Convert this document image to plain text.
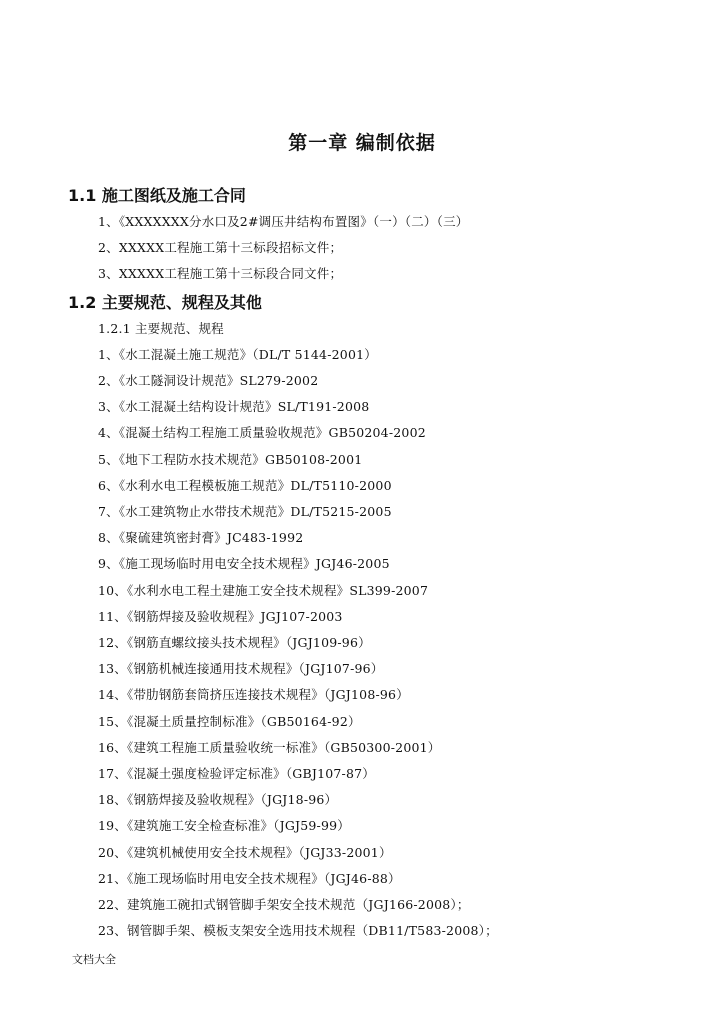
第一章 编制依据
1.1 施工图纸及施工合同
1、《XXXXXXX分水口及2#调压井结构布置图》（一）（二）（三）
2、XXXXX工程施工第十三标段招标文件；
3、XXXXX工程施工第十三标段合同文件；
1.2 主要规范、规程及其他
1.2.1 主要规范、规程
1、《水工混凝土施工规范》（DL/T 5144-2001）
2、《水工隧洞设计规范》SL279-2002
3、《水工混凝土结构设计规范》SL/T191-2008
4、《混凝土结构工程施工质量验收规范》GB50204-2002
5、《地下工程防水技术规范》GB50108-2001
6、《水利水电工程模板施工规范》DL/T5110-2000
7、《水工建筑物止水带技术规范》DL/T5215-2005
8、《聚硫建筑密封膏》JC483-1992
9、《施工现场临时用电安全技术规程》JGJ46-2005
10、《水利水电工程土建施工安全技术规程》SL399-2007
11、《钢筋焊接及验收规程》JGJ107-2003
12、《钢筋直螺纹接头技术规程》（JGJ109-96）
13、《钢筋机械连接通用技术规程》（JGJ107-96）
14、《带肋钢筋套筒挤压连接技术规程》（JGJ108-96）
15、《混凝土质量控制标准》（GB50164-92）
16、《建筑工程施工质量验收统一标准》（GB50300-2001）
17、《混凝土强度检验评定标准》（GBJ107-87）
18、《钢筋焊接及验收规程》（JGJ18-96）
19、《建筑施工安全检查标准》（JGJ59-99）
20、《建筑机械使用安全技术规程》（JGJ33-2001）
21、《施工现场临时用电安全技术规程》（JGJ46-88）
22、建筑施工碗扣式钢管脚手架安全技术规范（JGJ166-2008）；
23、钢管脚手架、模板支架安全选用技术规程（DB11/T583-2008）；
文档大全
